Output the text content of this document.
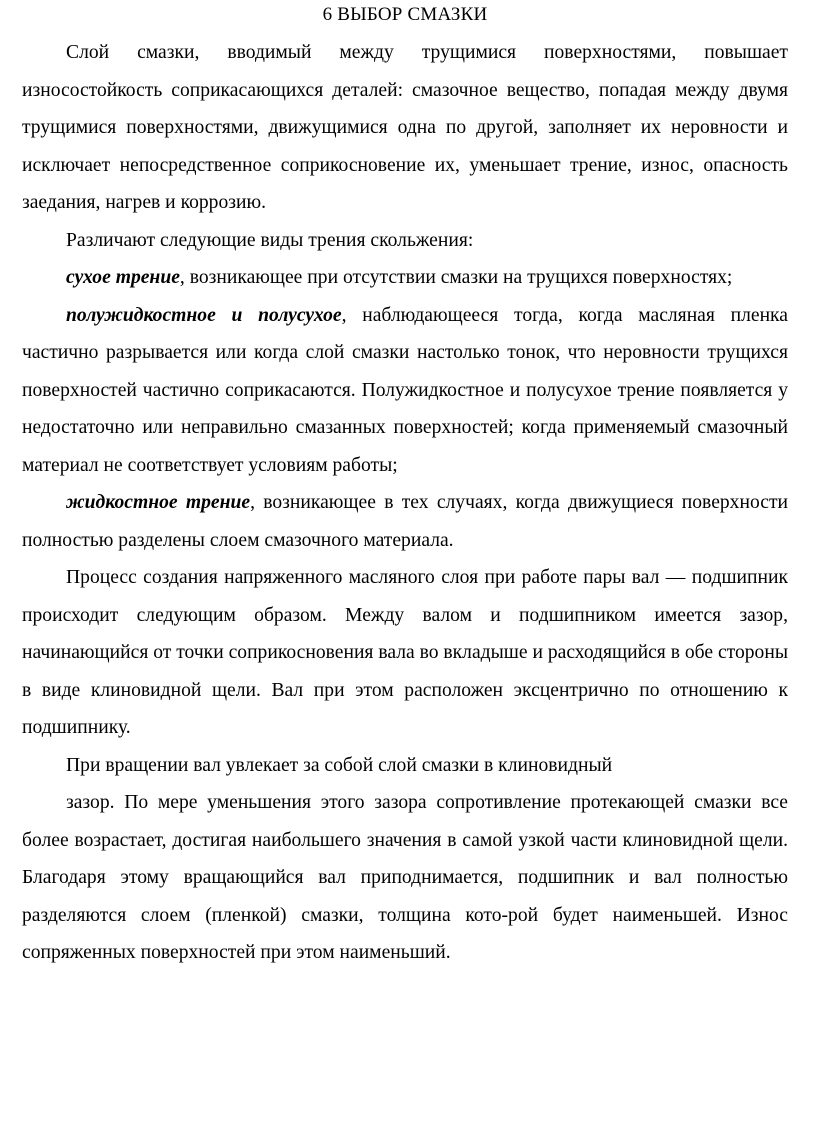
6 ВЫБОР СМАЗКИ

Слой смазки, вводимый между трущимися поверхностями, повышает износостойкость соприкасающихся деталей: смазочное вещество, попадая между двумя трущимися поверхностями, движущимися одна по другой, заполняет их неровности и исключает непосредственное соприкосновение их, уменьшает трение, износ, опасность заедания, нагрев и коррозию.

Различают следующие виды трения скольжения:

сухое трение, возникающее при отсутствии смазки на трущихся поверхностях;

полужидкостное и полусухое, наблюдающееся тогда, когда масляная пленка частично разрывается или когда слой смазки настолько тонок, что неровности трущихся поверхностей частично соприкасаются. Полужидкостное и полусухое трение появляется у недостаточно или неправильно смазанных поверхностей; когда применяемый смазочный материал не соответствует условиям работы;

жидкостное трение, возникающее в тех случаях, когда движущиеся поверхности полностью разделены слоем смазочного материала.

Процесс создания напряженного масляного слоя при работе пары вал — подшипник происходит следующим образом. Между валом и подшипником имеется зазор, начинающийся от точки соприкосновения вала во вкладыше и расходящийся в обе стороны в виде клиновидной щели. Вал при этом расположен эксцентрично по отношению к подшипнику.

При вращении вал увлекает за собой слой смазки в клиновидный

зазор. По мере уменьшения этого зазора сопротивление протекающей смазки все более возрастает, достигая наибольшего значения в самой узкой части клиновидной щели. Благодаря этому вращающийся вал приподнимается, подшипник и вал полностью разделяются слоем (пленкой) смазки, толщина кото-рой будет наименьшей. Износ сопряженных поверхностей при этом наименьший.
